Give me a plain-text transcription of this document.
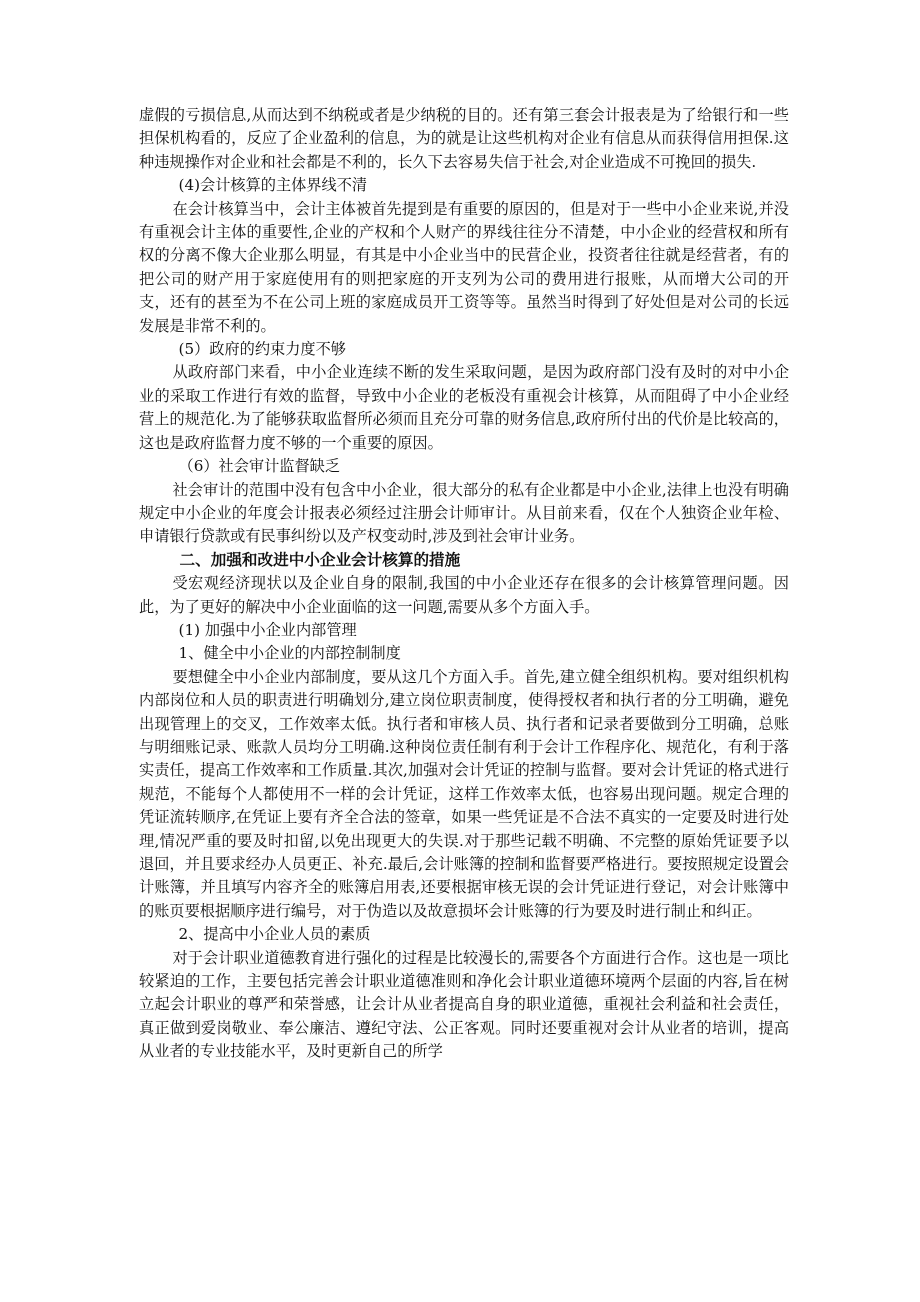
虚假的亏损信息,从而达到不纳税或者是少纳税的目的。还有第三套会计报表是为了给银行和一些担保机构看的，反应了企业盈利的信息，为的就是让这些机构对企业有信息从而获得信用担保.这种违规操作对企业和社会都是不利的，长久下去容易失信于社会,对企业造成不可挽回的损失.

(4)会计核算的主体界线不清

在会计核算当中，会计主体被首先提到是有重要的原因的，但是对于一些中小企业来说,并没有重视会计主体的重要性,企业的产权和个人财产的界线往往分不清楚，中小企业的经营权和所有权的分离不像大企业那么明显，有其是中小企业当中的民营企业，投资者往往就是经营者，有的把公司的财产用于家庭使用有的则把家庭的开支列为公司的费用进行报账，从而增大公司的开支，还有的甚至为不在公司上班的家庭成员开工资等等。虽然当时得到了好处但是对公司的长远发展是非常不利的。

(5）政府的约束力度不够

从政府部门来看，中小企业连续不断的发生采取问题，是因为政府部门没有及时的对中小企业的采取工作进行有效的监督，导致中小企业的老板没有重视会计核算，从而阻碍了中小企业经营上的规范化.为了能够获取监督所必须而且充分可靠的财务信息,政府所付出的代价是比较高的，这也是政府监督力度不够的一个重要的原因。

（6）社会审计监督缺乏

社会审计的范围中没有包含中小企业，很大部分的私有企业都是中小企业,法律上也没有明确规定中小企业的年度会计报表必须经过注册会计师审计。从目前来看，仅在个人独资企业年检、申请银行贷款或有民事纠纷以及产权变动时,涉及到社会审计业务。

二、加强和改进中小企业会计核算的措施

受宏观经济现状以及企业自身的限制,我国的中小企业还存在很多的会计核算管理问题。因此，为了更好的解决中小企业面临的这一问题,需要从多个方面入手。

(1) 加强中小企业内部管理

1、健全中小企业的内部控制制度

要想健全中小企业内部制度，要从这几个方面入手。首先,建立健全组织机构。要对组织机构内部岗位和人员的职责进行明确划分,建立岗位职责制度，使得授权者和执行者的分工明确，避免出现管理上的交叉，工作效率太低。执行者和审核人员、执行者和记录者要做到分工明确，总账与明细账记录、账款人员均分工明确.这种岗位责任制有利于会计工作程序化、规范化，有利于落实责任，提高工作效率和工作质量.其次,加强对会计凭证的控制与监督。要对会计凭证的格式进行规范，不能每个人都使用不一样的会计凭证，这样工作效率太低，也容易出现问题。规定合理的凭证流转顺序,在凭证上要有齐全合法的签章，如果一些凭证是不合法不真实的一定要及时进行处理,情况严重的要及时扣留,以免出现更大的失误.对于那些记载不明确、不完整的原始凭证要予以退回，并且要求经办人员更正、补充.最后,会计账簿的控制和监督要严格进行。要按照规定设置会计账簿，并且填写内容齐全的账簿启用表,还要根据审核无误的会计凭证进行登记，对会计账簿中的账页要根据顺序进行编号，对于伪造以及故意损坏会计账簿的行为要及时进行制止和纠正。

2、提高中小企业人员的素质

对于会计职业道德教育进行强化的过程是比较漫长的,需要各个方面进行合作。这也是一项比较紧迫的工作，主要包括完善会计职业道德准则和净化会计职业道德环境两个层面的内容,旨在树立起会计职业的尊严和荣誉感，让会计从业者提高自身的职业道德，重视社会利益和社会责任，真正做到爱岗敬业、奉公廉洁、遵纪守法、公正客观。同时还要重视对会计从业者的培训，提高从业者的专业技能水平，及时更新自己的所学
